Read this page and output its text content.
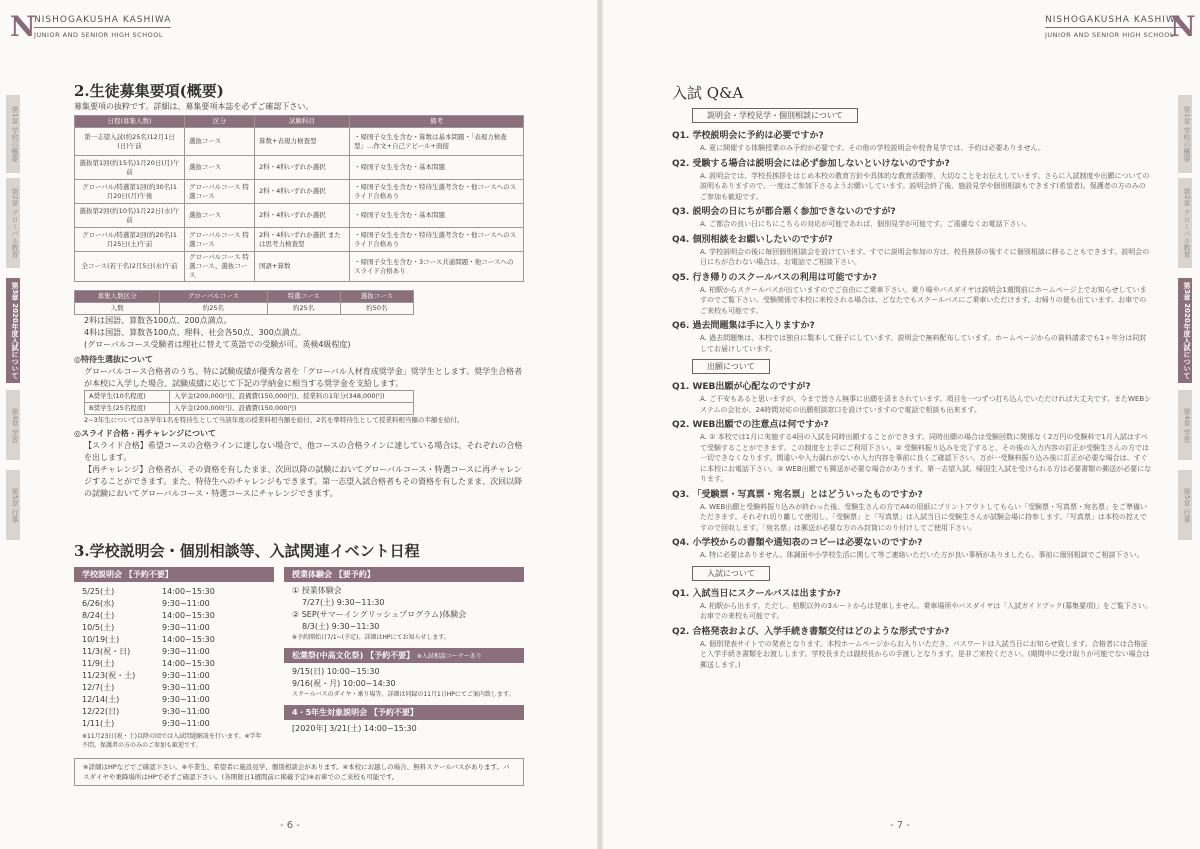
N
NISHOGAKUSHA KASHIWA
JUNIOR AND SENIOR HIGH SCHOOL
第1章 学校の概要
第2章 グローバル教育
第3章 2020年度入試について
第4章 学習
第5章 行事
2.生徒募集要項(概要)
募集要項の抜粋です。詳細は、募集要項本誌を必ずご確認下さい。
日程(募集人数)	区分	試験科目	備考
第一志望入試(約25名)12月1日(日)午前	選抜コース	算数+表現力検査型	・帰国子女生を含む・算数は基本問題・「表現力検査型」…作文+自己アピール+面接
選抜第1回(約15名)1月20日(月)午前	選抜コース	2科・4科いずれか選択	・帰国子女生を含む・基本問題
グローバル/特選第1回(約30名)1月20日(月)午後	グローバルコース 特選コース	2科・4科いずれか選択	・帰国子女生を含む・特待生選考含む・他コースへのスライド合格あり
選抜第2回(約10名)1月22日(水)午前	選抜コース	2科・4科いずれか選択	・帰国子女生を含む・基本問題
グローバル/特選第2回(約20名)1月25日(土)午前	グローバルコース 特選コース	2科・4科いずれか選択 または思考力検査型	・帰国子女生を含む・特待生選考含む・他コースへのスライド合格あり
全コース(若干名)2月5日(水)午前	グローバルコース 特選コース、選抜コース	国語+算数	・帰国子女生を含む・3コース共通問題・他コースへのスライド合格あり
募集人数区分	グローバルコース	特選コース	選抜コース
人数	約25名	約25名	約50名
2科は国語、算数各100点、200点満点。
4科は国語、算数各100点、理科、社会各50点、300点満点。
(グローバルコース受験者は理社に替えて英語での受験が可。英検4級程度)
◎特待生選抜について
グローバルコース合格者のうち、特に試験成績が優秀な者を「グローバル人材育成奨学金」奨学生とします。奨学生合格者が本校に入学した場合、試験成績に応じて下記の学納金に相当する奨学金を支給します。
A奨学生(10名程度)	入学金(200,000円)、設備費(150,000円)、授業料の1年分(348,000円)
B奨学生(25名程度)	入学金(200,000円)、設備費(150,000円)
2~3年生については各学年1名を特待生として当該年度の授業料相当額を給付、2名を準特待生として授業料相当額の半額を給付。
◎スライド合格・再チャレンジについて
【スライド合格】希望コースの合格ラインに達しない場合で、他コースの合格ラインに達している場合は、それぞれの合格を出します。
【再チャレンジ】合格者が、その資格を有したまま、次回以降の試験においてグローバルコース・特選コースに再チャレンジすることができます。また、特待生へのチャレンジもできます。第一志望入試合格者もその資格を有したまま、次回以降の試験においてグローバルコース・特選コースにチャレンジできます。
3.学校説明会・個別相談等、入試関連イベント日程
学校説明会 【予約不要】
5/25(土)	14:00~15:30
6/26(水)	9:30~11:00
8/24(土)	14:00~15:30
10/5(土)	9:30~11:00
10/19(土)	14:00~15:30
11/3(祝・日)	9:30~11:00
11/9(土)	14:00~15:30
11/23(祝・土)	9:30~11:00
12/7(土)	9:30~11:00
12/14(土)	9:30~11:00
12/22(日)	9:30~11:00
1/11(土)	9:30~11:00
※11月23日(祝・土)以降の回では入試問題解説を行います。※学年不問。保護者の方のみのご参加も歓迎です。
授業体験会 【要予約】
① 授業体験会
7/27(土) 9:30~11:30
② SEP(サマーイングリッシュプログラム)体験会
8/3(土) 9:30~11:30
※予約開始日7/1~(予定)。詳細はHPにてお知らせします。
松葉祭(中高文化祭) 【予約不要】 ※入試相談コーナーあり
9/15(日) 10:00~15:30
9/16(祝・月) 10:00~14:30
スクールバスのダイヤ・乗り場等、詳細は同録の11月1日HPにてご案内致します。
4・5年生対象説明会 【予約不要】
[2020年] 3/21(土) 14:00~15:30
※詳細はHPなどでご確認下さい。※卒業生、希望者に施設見学、個別相談会があります。※本校にお越しの場合、無料スクールバスがあります。バスダイヤや乗降場所はHPで必ずご確認下さい。(各開催日1週間前に掲載予定)※お車でのご来校も可能です。
- 6 -
NISHOGAKUSHA KASHIWA
JUNIOR AND SENIOR HIGH SCHOOL
N
第1章 学校の概要
第2章 グローバル教育
第3章 2020年度入試について
第4章 学習
第5章 行事
入試 Q&A
説明会・学校見学・個別相談について
Q1. 学校説明会に予約は必要ですか?
A. 夏に開催する体験授業のみ予約が必要です。その他の学校説明会や校舎見学では、予約は必要ありません。
Q2. 受験する場合は説明会には必ず参加しないといけないのですか?
A. 説明会では、学校長挨拶をはじめ本校の教育方針や具体的な教育活動等、大切なことをお伝えしています。さらに入試制度や出願についての説明もありますので、一度はご参加下さるようお願いしています。説明会終了後、施設見学や個別相談もできます(希望者)。保護者の方のみのご参加も歓迎です。
Q3. 説明会の日にちが都合悪く参加できないのですが?
A. ご都合の良い日にちにこちらの対応が可能であれば、個別見学が可能です。ご遠慮なくお電話下さい。
Q4. 個別相談をお願いしたいのですが?
A. 学校説明会の後に毎回個別相談会を設けています。すでに説明会参加の方は、校長挨拶の後すぐに個別相談に移ることもできます。説明会の日にちが合わない場合は、お電話でご相談下さい。
Q5. 行き帰りのスクールバスの利用は可能ですか?
A. 柏駅からスクールバスが出ていますのでご自由にご乗車下さい。乗り場やバスダイヤは説明会1週間前にホームページ上でお知らせしていますのでご覧下さい。受験関係で本校に来校される場合は、どなたでもスクールバスにご乗車いただけます。お帰りの便も出ています。お車でのご来校も可能です。
Q6. 過去問題集は手に入りますか?
A. 過去問題集は、本校では独自に製本して冊子にしています。説明会で無料配布しています。ホームページからの資料請求でも1ヶ年分は同封してお届けしています。
出願について
Q1. WEB出願が心配なのですが?
A. ご不安もあると思いますが、今まで皆さん無事に出願を済まされています。項目を一つずつ打ち込んでいただければ大丈夫です。またWEBシステムの会社が、24時間対応の出願相談窓口を設けていますので電話で相談も出来ます。
Q2. WEB出願での注意点は何ですか?
A. ① 本校では1月に実施する4回の入試を同時出願することができます。同時出願の場合は受験回数に関係なく2万円の受験料で1月入試はすべて受験することができます。この制度を上手にご利用下さい。② 受験料振り込みを完了すると、その後の入力内容の訂正が受験生さんの方では一切できなくなります。間違いや入力漏れがないか入力内容を事前に良くご確認下さい。万が一受験料振り込み後に訂正が必要な場合は、すぐに本校にお電話下さい。③ WEB出願でも郵送が必要な場合があります。第一志望入試、帰国生入試を受けられる方は必要書類の郵送が必要になります。
Q3. 「受験票・写真票・宛名票」とはどういったものですか?
A. WEB出願と受験料振り込みが終わった後、受験生さんの方でA4の用紙にプリントアウトしてもらい「受験票・写真票・宛名票」をご準備いただきます。それぞれ切り離して使用し、「受験票」と「写真票」は入試当日に受験生さんが試験会場に持参します。「写真票」は本校の控えですので回収します。「宛名票」は郵送が必要な方のみ封筒にのり付けしてご使用下さい。
Q4. 小学校からの書類や通知表のコピーは必要ないのですか?
A. 特に必要はありません。体調面や小学校生活に関して等ご連絡いただいた方が良い事柄がありましたら、事前に個別相談でご相談下さい。
入試について
Q1. 入試当日にスクールバスは出ますか?
A. 柏駅から出ます。ただし、柏駅以外の3ルートからは発車しません。乗車場所やバスダイヤは「入試ガイドブック(募集要項)」をご覧下さい。お車での来校も可能です。
Q2. 合格発表および、入学手続き書類交付はどのような形式ですか?
A. 個別発表サイトでの発表となります。本校ホームページからお入りいただき、パスワードは入試当日にお知らせ致します。合格者には合格証と入学手続き書類をお渡しします。学校長または副校長からの手渡しとなります。是非ご来校ください。(期間中に受け取りが可能でない場合は郵送します。)
- 7 -
